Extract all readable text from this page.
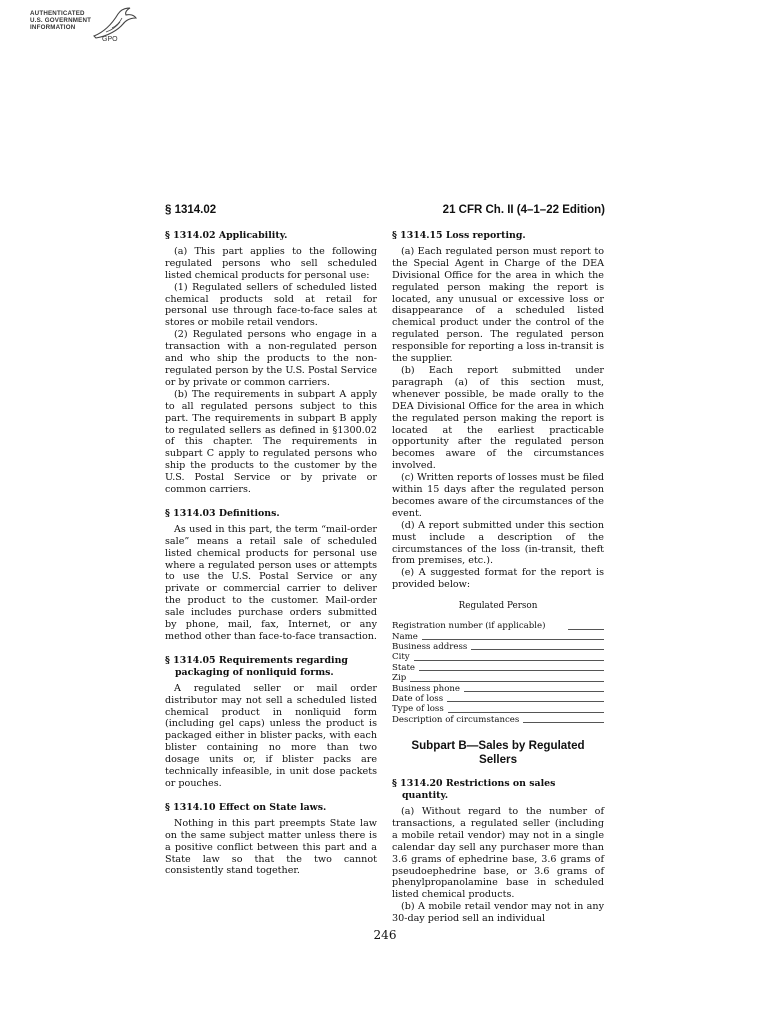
AUTHENTICATED
U.S. GOVERNMENT
INFORMATION
GPO
§ 1314.02	21 CFR Ch. II (4–1–22 Edition)
§ 1314.02 Applicability.

(a) This part applies to the following regulated persons who sell scheduled listed chemical products for personal use:

(1) Regulated sellers of scheduled listed chemical products sold at retail for personal use through face-to-face sales at stores or mobile retail vendors.

(2) Regulated persons who engage in a transaction with a non-regulated person and who ship the products to the non-regulated person by the U.S. Postal Service or by private or common carriers.

(b) The requirements in subpart A apply to all regulated persons subject to this part. The requirements in subpart B apply to regulated sellers as defined in §1300.02 of this chapter. The requirements in subpart C apply to regulated persons who ship the products to the customer by the U.S. Postal Service or by private or common carriers.

§ 1314.03 Definitions.

As used in this part, the term “mail-order sale” means a retail sale of scheduled listed chemical products for personal use where a regulated person uses or attempts to use the U.S. Postal Service or any private or commercial carrier to deliver the product to the customer. Mail-order sale includes purchase orders submitted by phone, mail, fax, Internet, or any method other than face-to-face transaction.

§ 1314.05 Requirements regarding packaging of nonliquid forms.

A regulated seller or mail order distributor may not sell a scheduled listed chemical product in nonliquid form (including gel caps) unless the product is packaged either in blister packs, with each blister containing no more than two dosage units or, if blister packs are technically infeasible, in unit dose packets or pouches.

§ 1314.10 Effect on State laws.

Nothing in this part preempts State law on the same subject matter unless there is a positive conflict between this part and a State law so that the two cannot consistently stand together.

§ 1314.15 Loss reporting.

(a) Each regulated person must report to the Special Agent in Charge of the DEA Divisional Office for the area in which the regulated person making the report is located, any unusual or excessive loss or disappearance of a scheduled listed chemical product under the control of the regulated person. The regulated person responsible for reporting a loss in-transit is the supplier.

(b) Each report submitted under paragraph (a) of this section must, whenever possible, be made orally to the DEA Divisional Office for the area in which the regulated person making the report is located at the earliest practicable opportunity after the regulated person becomes aware of the circumstances involved.

(c) Written reports of losses must be filed within 15 days after the regulated person becomes aware of the circumstances of the event.

(d) A report submitted under this section must include a description of the circumstances of the loss (in-transit, theft from premises, etc.).

(e) A suggested format for the report is provided below:

Regulated Person
Registration number (if applicable)
Name
Business address
City
State
Zip
Business phone
Date of loss
Type of loss
Description of circumstances
Subpart B—Sales by Regulated
Sellers
§ 1314.20 Restrictions on sales quantity.

(a) Without regard to the number of transactions, a regulated seller (including a mobile retail vendor) may not in a single calendar day sell any purchaser more than 3.6 grams of ephedrine base, 3.6 grams of pseudoephedrine base, or 3.6 grams of phenylpropanolamine base in scheduled listed chemical products.

(b) A mobile retail vendor may not in any 30-day period sell an individual

246
